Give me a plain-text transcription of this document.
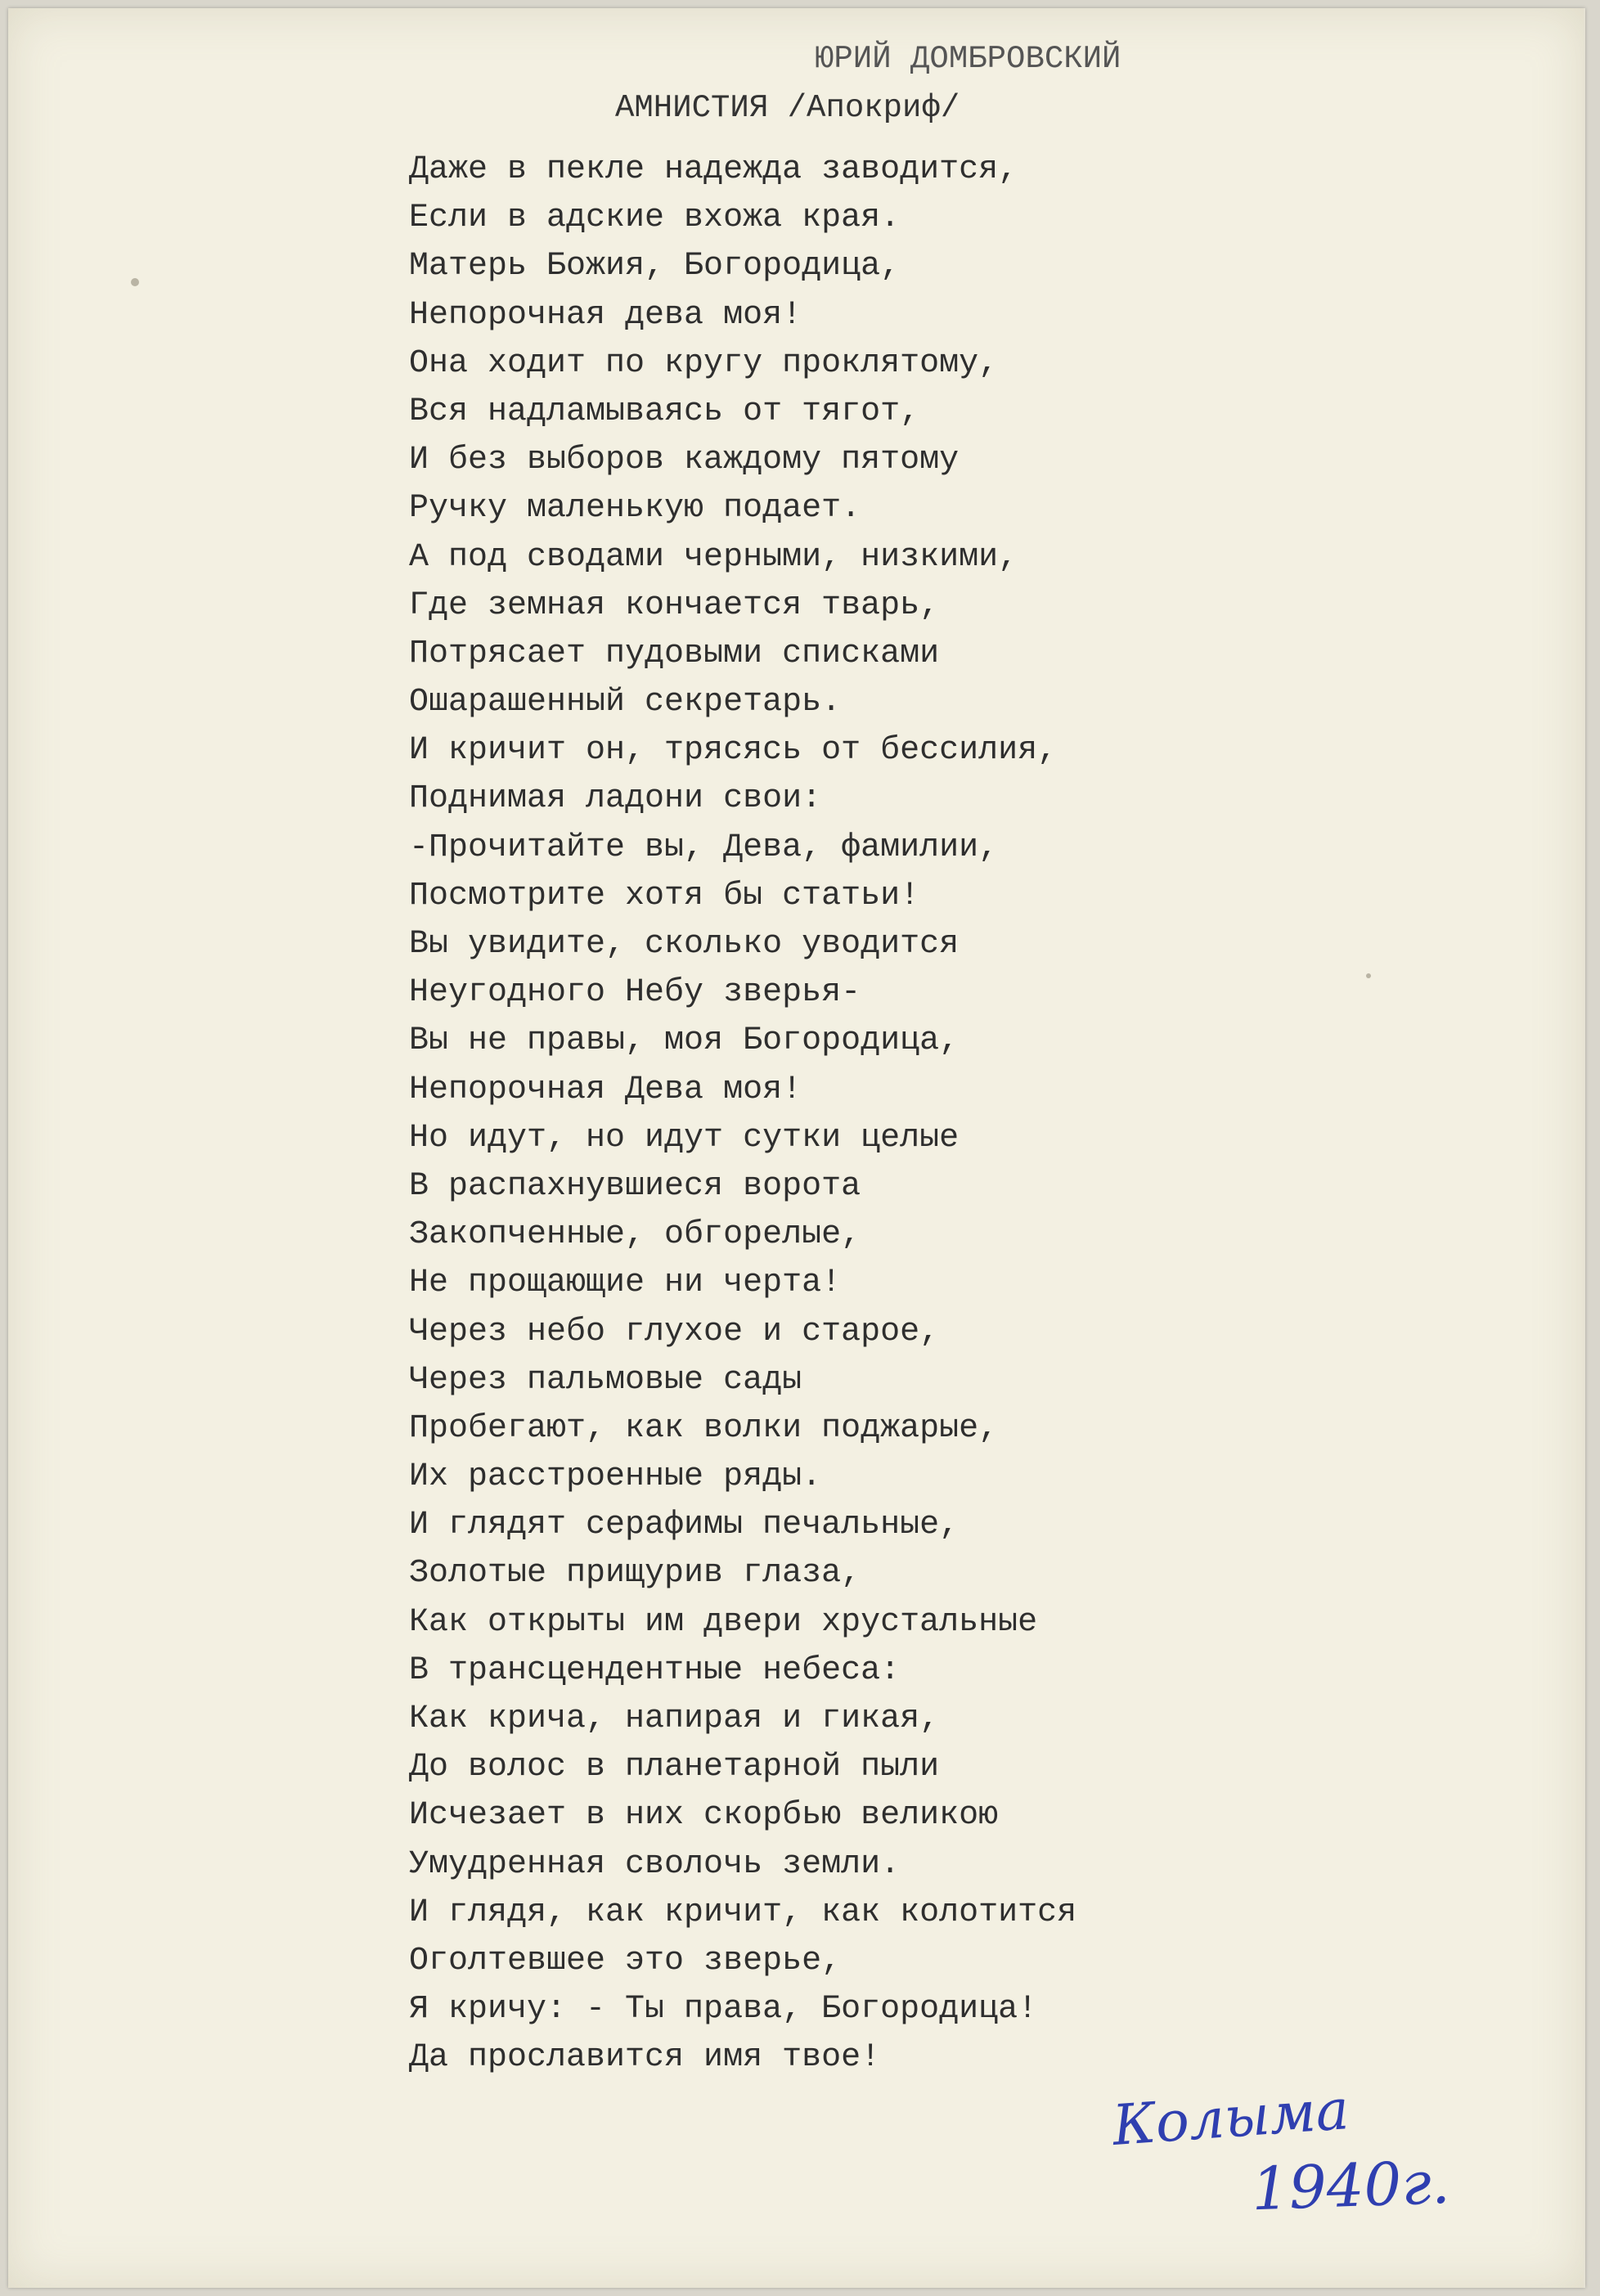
ЮРИЙ ДОМБРОВСКИЙ
АМНИСТИЯ /Апокриф/
Даже в пекле надежда заводится,
Если в адские вхожа края.
Матерь Божия, Богородица,
Непорочная дева моя!
Она ходит по кругу проклятому,
Вся надламываясь от тягот,
И без выборов каждому пятому
Ручку маленькую подает.
А под сводами черными, низкими,
Где земная кончается тварь,
Потрясает пудовыми списками
Ошарашенный секретарь.
И кричит он, трясясь от бессилия,
Поднимая ладони свои:
-Прочитайте вы, Дева, фамилии,
Посмотрите хотя бы статьи!
Вы увидите, сколько уводится
Неугодного Небу зверья-
Вы не правы, моя Богородица,
Непорочная Дева моя!
Но идут, но идут сутки целые
В распахнувшиеся ворота
Закопченные, обгорелые,
Не прощающие ни черта!
Через небо глухое и старое,
Через пальмовые сады
Пробегают, как волки поджарые,
Их расстроенные ряды.
И глядят серафимы печальные,
Золотые прищурив глаза,
Как открыты им двери хрустальные
В трансцендентные небеса:
Как крича, напирая и гикая,
До волос в планетарной пыли
Исчезает в них скорбью великою
Умудренная сволочь земли.
И глядя, как кричит, как колотится
Оголтевшее это зверье,
Я кричу: - Ты права, Богородица!
Да прославится имя твое!
Колыма
1940г.
